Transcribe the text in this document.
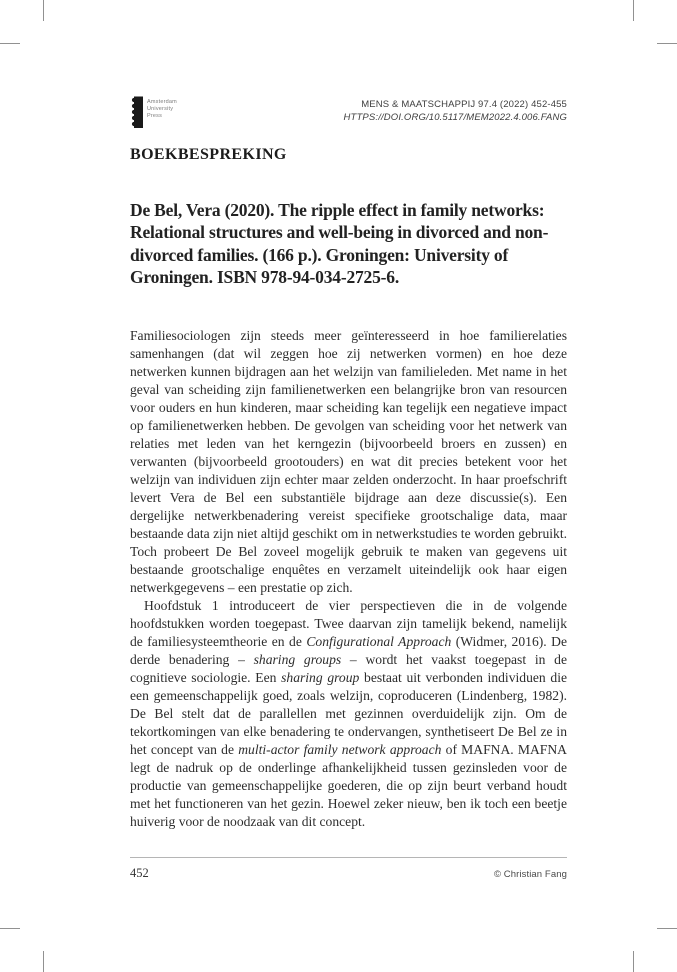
Amsterdam
University
Press
MENS & MAATSCHAPPIJ 97.4 (2022) 452-455
HTTPS://DOI.ORG/10.5117/MEM2022.4.006.FANG
BOEKBESPREKING
De Bel, Vera (2020). The ripple effect in family networks: Relational structures and well-being in divorced and non-divorced families. (166 p.). Groningen: University of Groningen. ISBN 978-94-034-2725-6.

Familiesociologen zijn steeds meer geïnteresseerd in hoe familierelaties samenhangen (dat wil zeggen hoe zij netwerken vormen) en hoe deze netwerken kunnen bijdragen aan het welzijn van familieleden. Met name in het geval van scheiding zijn familienetwerken een belangrijke bron van resourcen voor ouders en hun kinderen, maar scheiding kan tegelijk een negatieve impact op familienetwerken hebben. De gevolgen van scheiding voor het netwerk van relaties met leden van het kerngezin (bijvoorbeeld broers en zussen) en verwanten (bijvoorbeeld grootouders) en wat dit precies betekent voor het welzijn van individuen zijn echter maar zelden onderzocht. In haar proefschrift levert Vera de Bel een substantiële bijdrage aan deze discussie(s). Een dergelijke netwerkbenadering vereist specifieke grootschalige data, maar bestaande data zijn niet altijd geschikt om in netwerkstudies te worden gebruikt. Toch probeert De Bel zoveel mogelijk gebruik te maken van gegevens uit bestaande grootschalige enquêtes en verzamelt uiteindelijk ook haar eigen netwerkgegevens – een prestatie op zich.

Hoofdstuk 1 introduceert de vier perspectieven die in de volgende hoofdstukken worden toegepast. Twee daarvan zijn tamelijk bekend, namelijk de familiesysteemtheorie en de Configurational Approach (Widmer, 2016). De derde benadering – sharing groups – wordt het vaakst toegepast in de cognitieve sociologie. Een sharing group bestaat uit verbonden individuen die een gemeenschappelijk goed, zoals welzijn, coproduceren (Lindenberg, 1982). De Bel stelt dat de parallellen met gezinnen overduidelijk zijn. Om de tekortkomingen van elke benadering te ondervangen, synthetiseert De Bel ze in het concept van de multi-actor family network approach of MAFNA. MAFNA legt de nadruk op de onderlinge afhankelijkheid tussen gezinsleden voor de productie van gemeenschappelijke goederen, die op zijn beurt verband houdt met het functioneren van het gezin. Hoewel zeker nieuw, ben ik toch een beetje huiverig voor de noodzaak van dit concept.

452	© Christian Fang
